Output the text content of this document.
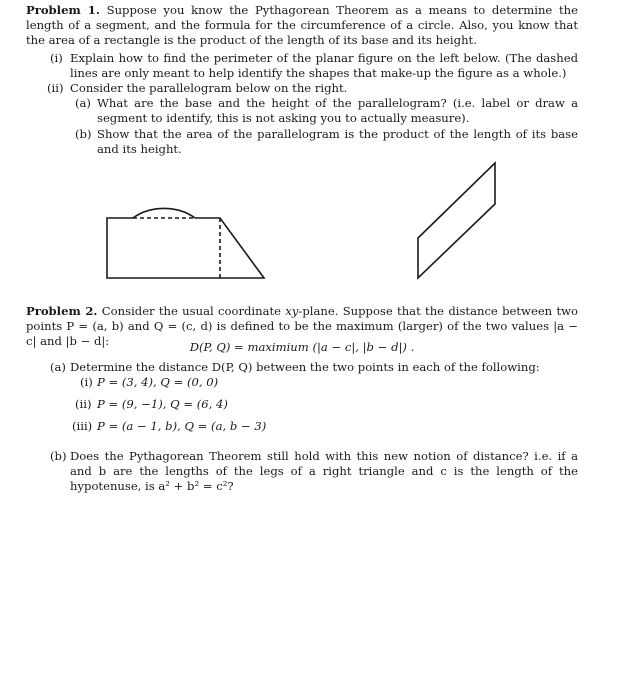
Problem 1. Suppose you know the Pythagorean Theorem as a means to determine the length of a segment, and the formula for the circumference of a circle. Also, you know that the area of a rectangle is the product of the length of its base and its height.
(i) Explain how to find the perimeter of the planar figure on the left below. (The dashed lines are only meant to help identify the shapes that make-up the figure as a whole.)
(ii) Consider the parallelogram below on the right.
(a) What are the base and the height of the parallelogram? (i.e. label or draw a segment to identify, this is not asking you to actually measure).
(b) Show that the area of the parallelogram is the product of the length of its base and its height.
Problem 2. Consider the usual coordinate xy-plane. Suppose that the distance between two points P = (a, b) and Q = (c, d) is defined to be the maximum (larger) of the two values |a − c| and |b − d|:	D(P, Q) = maximium (|a − c|, |b − d|) .
(a) Determine the distance D(P, Q) between the two points in each of the following:
(i) P = (3, 4), Q = (0, 0)
(ii) P = (9, −1), Q = (6, 4)
(iii) P = (a − 1, b), Q = (a, b − 3)
(b) Does the Pythagorean Theorem still hold with this new notion of distance? i.e. if a and b are the lengths of the legs of a right triangle and c is the length of the hypotenuse, is a² + b² = c²?
